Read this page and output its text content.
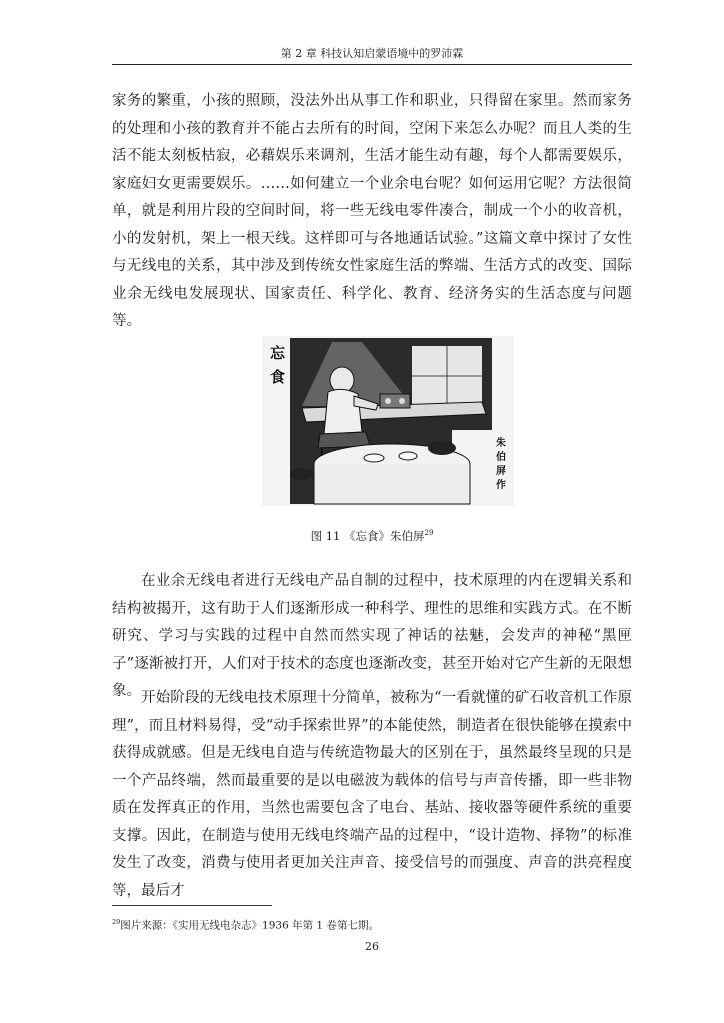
第 2 章 科技认知启蒙语境中的罗沛霖

家务的繁重，小孩的照顾，没法外出从事工作和职业，只得留在家里。然而家务的处理和小孩的教育并不能占去所有的时间，空闲下来怎么办呢？而且人类的生活不能太刻板枯寂，必藉娱乐来调剂，生活才能生动有趣，每个人都需要娱乐，家庭妇女更需要娱乐。……如何建立一个业余电台呢？如何运用它呢？方法很简单，就是利用片段的空间时间，将一些无线电零件凑合，制成一个小的收音机，小的发射机，架上一根天线。这样即可与各地通话试验。”这篇文章中探讨了女性与无线电的关系，其中涉及到传统女性家庭生活的弊端、生活方式的改变、国际业余无线电发展现状、国家责任、科学化、教育、经济务实的生活态度与问题等。

忘
食
朱
伯
屏
作
图 11 《忘食》朱伯屏$^{29}$

在业余无线电者进行无线电产品自制的过程中，技术原理的内在逻辑关系和结构被揭开，这有助于人们逐渐形成一种科学、理性的思维和实践方式。在不断研究、学习与实践的过程中自然而然实现了神话的祛魅，会发声的神秘“黑匣子”逐渐被打开，人们对于技术的态度也逐渐改变，甚至开始对它产生新的无限想象。 开始阶段的无线电技术原理十分简单，被称为“一看就懂的矿石收音机工作原理”，而且材料易得，受“动手探索世界”的本能使然，制造者在很快能够在摸索中获得成就感。但是无线电自造与传统造物最大的区别在于，虽然最终呈现的只是一个产品终端，然而最重要的是以电磁波为载体的信号与声音传播，即一些非物质在发挥真正的作用，当然也需要包含了电台、基站、接收器等硬件系统的重要支撑。因此，在制造与使用无线电终端产品的过程中，“设计造物、择物”的标准发生了改变，消费与使用者更加关注声音、接受信号的而强度、声音的洪亮程度等，最后才

$^{29}$图片来源：《实用无线电杂志》1936 年第 1 卷第七期。
26
